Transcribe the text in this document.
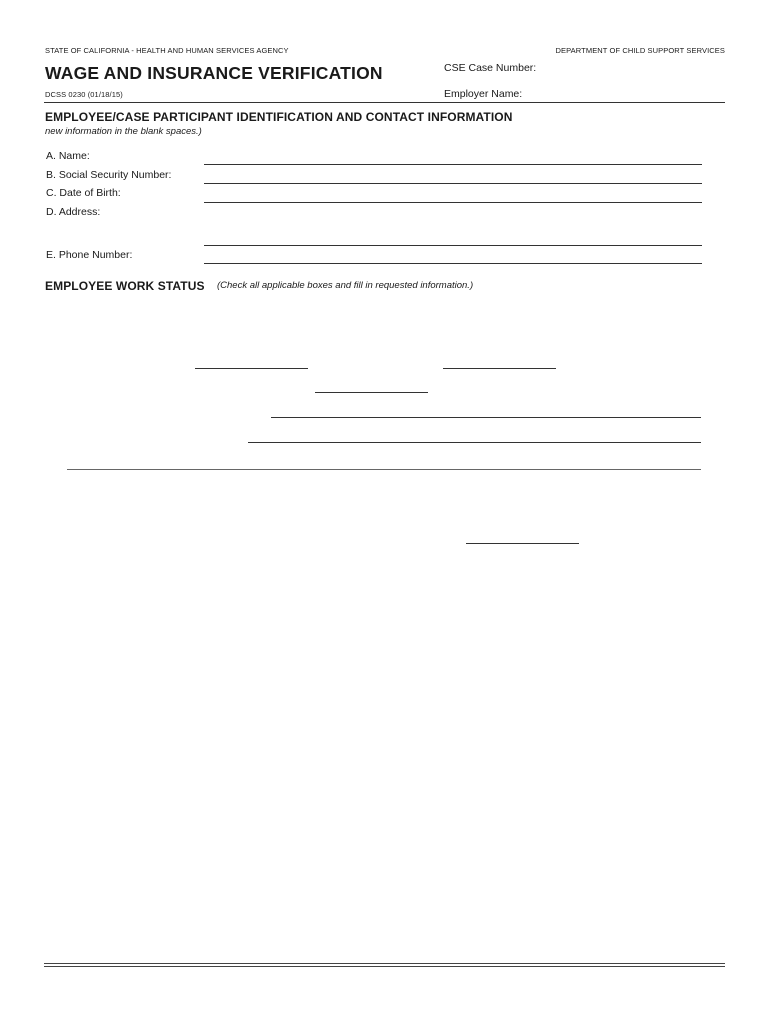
STATE OF CALIFORNIA - HEALTH AND HUMAN SERVICES AGENCY	DEPARTMENT OF CHILD SUPPORT SERVICES
WAGE AND INSURANCE VERIFICATION	CSE Case Number:
DCSS 0230 (01/18/15)	Employer Name:
EMPLOYEE/CASE PARTICIPANT IDENTIFICATION AND CONTACT INFORMATION
new information in the blank spaces.)
A. Name:
B. Social Security Number:
C. Date of Birth:
D. Address:
E. Phone Number:
EMPLOYEE WORK STATUS (Check all applicable boxes and fill in requested information.)
